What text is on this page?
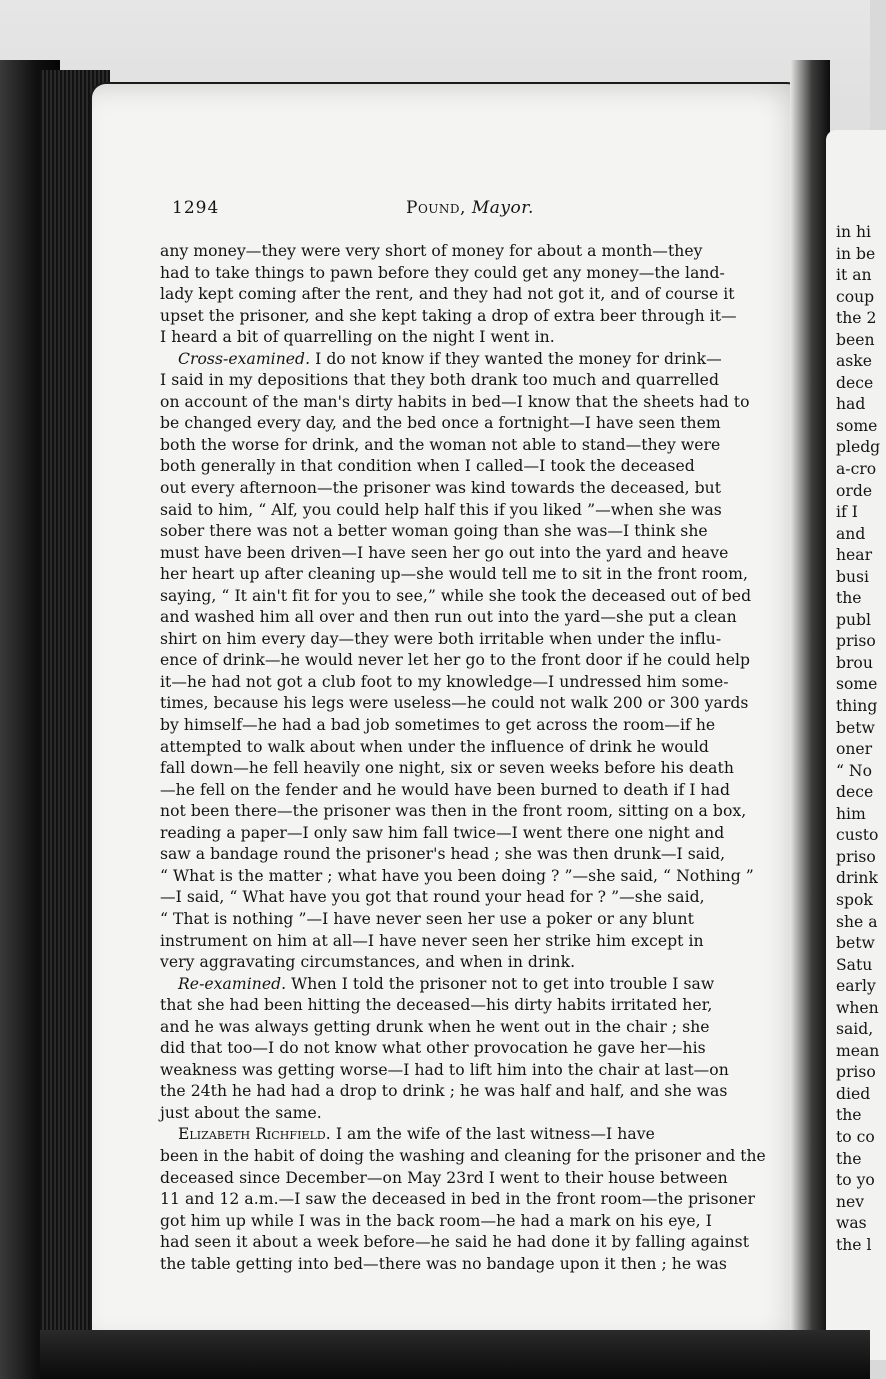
1294	Pound, Mayor.
any money—they were very short of money for about a month—they
had to take things to pawn before they could get any money—the land-
lady kept coming after the rent, and they had not got it, and of course it
upset the prisoner, and she kept taking a drop of extra beer through it—
I heard a bit of quarrelling on the night I went in.
Cross-examined. I do not know if they wanted the money for drink—
I said in my depositions that they both drank too much and quarrelled
on account of the man's dirty habits in bed—I know that the sheets had to
be changed every day, and the bed once a fortnight—I have seen them
both the worse for drink, and the woman not able to stand—they were
both generally in that condition when I called—I took the deceased
out every afternoon—the prisoner was kind towards the deceased, but
said to him, “ Alf, you could help half this if you liked ”—when she was
sober there was not a better woman going than she was—I think she
must have been driven—I have seen her go out into the yard and heave
her heart up after cleaning up—she would tell me to sit in the front room,
saying, “ It ain't fit for you to see,” while she took the deceased out of bed
and washed him all over and then run out into the yard—she put a clean
shirt on him every day—they were both irritable when under the influ-
ence of drink—he would never let her go to the front door if he could help
it—he had not got a club foot to my knowledge—I undressed him some-
times, because his legs were useless—he could not walk 200 or 300 yards
by himself—he had a bad job sometimes to get across the room—if he
attempted to walk about when under the influence of drink he would
fall down—he fell heavily one night, six or seven weeks before his death
—he fell on the fender and he would have been burned to death if I had
not been there—the prisoner was then in the front room, sitting on a box,
reading a paper—I only saw him fall twice—I went there one night and
saw a bandage round the prisoner's head ; she was then drunk—I said,
“ What is the matter ; what have you been doing ? ”—she said, “ Nothing ”
—I said, “ What have you got that round your head for ? ”—she said,
“ That is nothing ”—I have never seen her use a poker or any blunt
instrument on him at all—I have never seen her strike him except in
very aggravating circumstances, and when in drink.
Re-examined. When I told the prisoner not to get into trouble I saw
that she had been hitting the deceased—his dirty habits irritated her,
and he was always getting drunk when he went out in the chair ; she
did that too—I do not know what other provocation he gave her—his
weakness was getting worse—I had to lift him into the chair at last—on
the 24th he had had a drop to drink ; he was half and half, and she was
just about the same.
Elizabeth Richfield. I am the wife of the last witness—I have
been in the habit of doing the washing and cleaning for the prisoner and the
deceased since December—on May 23rd I went to their house between
11 and 12 a.m.—I saw the deceased in bed in the front room—the prisoner
got him up while I was in the back room—he had a mark on his eye, I
had seen it about a week before—he said he had done it by falling against
the table getting into bed—there was no bandage upon it then ; he was
in hi
in be
it an
coup
the 2
been
aske
dece
had
some
pledg
a-cro
orde
if I
and
hear
busi
the
publ
priso
brou
some
thing
betw
oner
“ No
dece
him
custo
priso
drink
spok
she a
betw
Satu
early
when
said,
mean
priso
died
the
to co
the
to yo
nev
was
the l
